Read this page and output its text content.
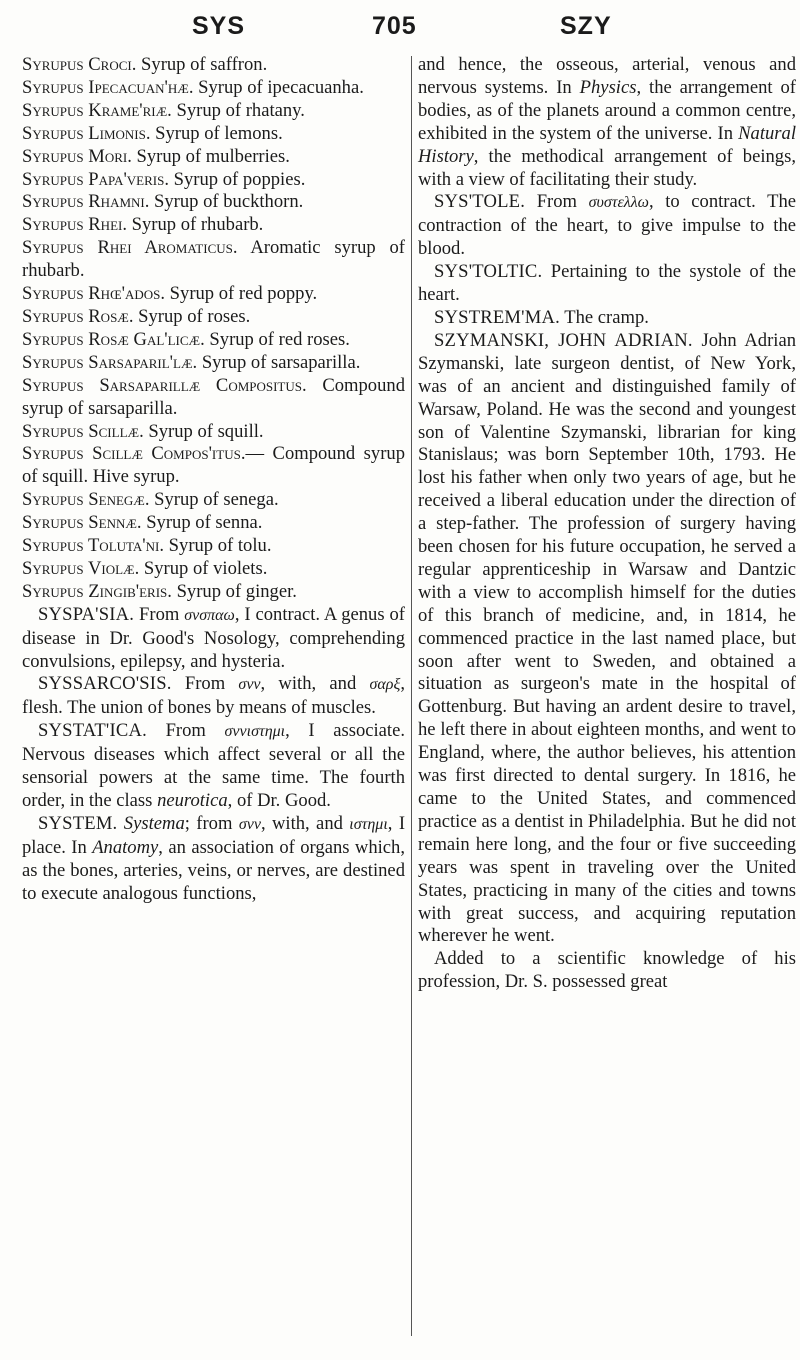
SYS	705	SZY

Syrupus Croci. Syrup of saffron.

Syrupus Ipecacuan'hæ. Syrup of ipecacuanha.

Syrupus Krame'riæ. Syrup of rhatany.

Syrupus Limonis. Syrup of lemons.

Syrupus Mori. Syrup of mulberries.

Syrupus Papa'veris. Syrup of poppies.

Syrupus Rhamni. Syrup of buckthorn.

Syrupus Rhei. Syrup of rhubarb.

Syrupus Rhei Aromaticus. Aromatic syrup of rhubarb.

Syrupus Rhœ'ados. Syrup of red poppy.

Syrupus Rosæ. Syrup of roses.

Syrupus Rosæ Gal'licæ. Syrup of red roses.

Syrupus Sarsaparil'læ. Syrup of sarsaparilla.

Syrupus Sarsaparillæ Compositus. Compound syrup of sarsaparilla.

Syrupus Scillæ. Syrup of squill.

Syrupus Scillæ Compos'itus.— Compound syrup of squill. Hive syrup.

Syrupus Senegæ. Syrup of senega.

Syrupus Sennæ. Syrup of senna.

Syrupus Toluta'ni. Syrup of tolu.

Syrupus Violæ. Syrup of violets.

Syrupus Zingib'eris. Syrup of ginger.

SYSPA'SIA. From σνσπαω, I contract. A genus of disease in Dr. Good's Nosology, comprehending convulsions, epilepsy, and hysteria.

SYSSARCO'SIS. From σνν, with, and σαρξ, flesh. The union of bones by means of muscles.

SYSTAT'ICA. From σννιστημι, I associate. Nervous diseases which affect several or all the sensorial powers at the same time. The fourth order, in the class neurotica, of Dr. Good.

SYSTEM. Systema; from σνν, with, and ιστημι, I place. In Anatomy, an association of organs which, as the bones, arteries, veins, or nerves, are destined to execute analogous functions,

and hence, the osseous, arterial, venous and nervous systems. In Physics, the arrangement of bodies, as of the planets around a common centre, exhibited in the system of the universe. In Natural History, the methodical arrangement of beings, with a view of facilitating their study.

SYS'TOLE. From συστελλω, to contract. The contraction of the heart, to give impulse to the blood.

SYS'TOLTIC. Pertaining to the systole of the heart.

SYSTREM'MA. The cramp.

SZYMANSKI, JOHN ADRIAN. John Adrian Szymanski, late surgeon dentist, of New York, was of an ancient and distinguished family of Warsaw, Poland. He was the second and youngest son of Valentine Szymanski, librarian for king Stanislaus; was born September 10th, 1793. He lost his father when only two years of age, but he received a liberal education under the direction of a step-father. The profession of surgery having been chosen for his future occupation, he served a regular apprenticeship in Warsaw and Dantzic with a view to accomplish himself for the duties of this branch of medicine, and, in 1814, he commenced practice in the last named place, but soon after went to Sweden, and obtained a situation as surgeon's mate in the hospital of Gottenburg. But having an ardent desire to travel, he left there in about eighteen months, and went to England, where, the author believes, his attention was first directed to dental surgery. In 1816, he came to the United States, and commenced practice as a dentist in Philadelphia. But he did not remain here long, and the four or five succeeding years was spent in traveling over the United States, practicing in many of the cities and towns with great success, and acquiring reputation wherever he went.

Added to a scientific knowledge of his profession, Dr. S. possessed great
